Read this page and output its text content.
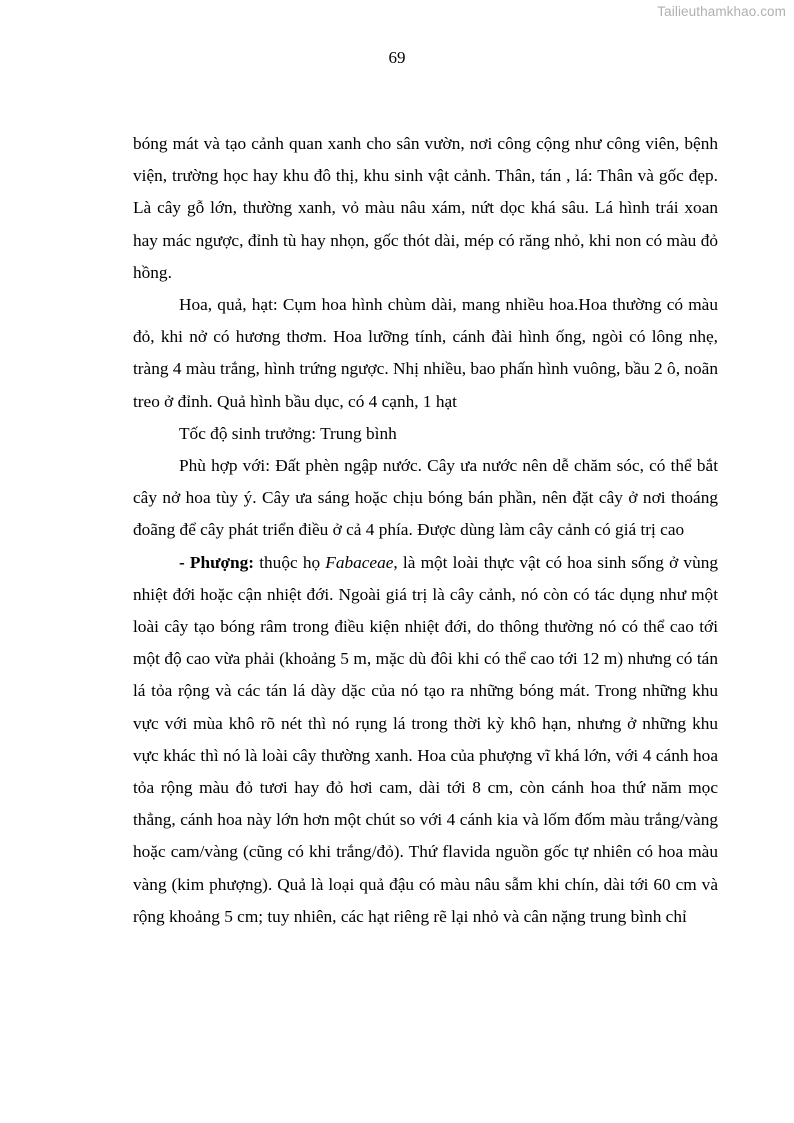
Tailieuthamkhao.com
69

bóng mát và tạo cảnh quan xanh cho sân vườn, nơi công cộng như công viên, bệnh viện, trường học hay khu đô thị, khu sinh vật cảnh. Thân, tán , lá: Thân và gốc đẹp. Là cây gỗ lớn, thường xanh, vỏ màu nâu xám, nứt dọc khá sâu. Lá hình trái xoan hay mác ngược, đỉnh tù hay nhọn, gốc thót dài, mép có răng nhỏ, khi non có màu đỏ hồng.

Hoa, quả, hạt: Cụm hoa hình chùm dài, mang nhiều hoa.Hoa thường có màu đỏ, khi nở có hương thơm. Hoa lưỡng tính, cánh đài hình ống, ngòi có lông nhẹ, tràng 4 màu trắng, hình trứng ngược. Nhị nhiều, bao phấn hình vuông, bầu 2 ô, noãn treo ở đỉnh. Quả hình bầu dục, có 4 cạnh, 1 hạt

Tốc độ sinh trưởng: Trung bình

Phù hợp với: Đất phèn ngập nước. Cây ưa nước nên dễ chăm sóc, có thể bắt cây nở hoa tùy ý. Cây ưa sáng hoặc chịu bóng bán phần, nên đặt cây ở nơi thoáng đoãng để cây phát triển điều ở cả 4 phía. Được dùng làm cây cảnh có giá trị cao

- Phượng: thuộc họ Fabaceae, là một loài thực vật có hoa sinh sống ở vùng nhiệt đới hoặc cận nhiệt đới. Ngoài giá trị là cây cảnh, nó còn có tác dụng như một loài cây tạo bóng râm trong điều kiện nhiệt đới, do thông thường nó có thể cao tới một độ cao vừa phải (khoảng 5 m, mặc dù đôi khi có thể cao tới 12 m) nhưng có tán lá tỏa rộng và các tán lá dày dặc của nó tạo ra những bóng mát. Trong những khu vực với mùa khô rõ nét thì nó rụng lá trong thời kỳ khô hạn, nhưng ở những khu vực khác thì nó là loài cây thường xanh. Hoa của phượng vĩ khá lớn, với 4 cánh hoa tỏa rộng màu đỏ tươi hay đỏ hơi cam, dài tới 8 cm, còn cánh hoa thứ năm mọc thẳng, cánh hoa này lớn hơn một chút so với 4 cánh kia và lốm đốm màu trắng/vàng hoặc cam/vàng (cũng có khi trắng/đỏ). Thứ flavida nguồn gốc tự nhiên có hoa màu vàng (kim phượng). Quả là loại quả đậu có màu nâu sẫm khi chín, dài tới 60 cm và rộng khoảng 5 cm; tuy nhiên, các hạt riêng rẽ lại nhỏ và cân nặng trung bình chỉ
